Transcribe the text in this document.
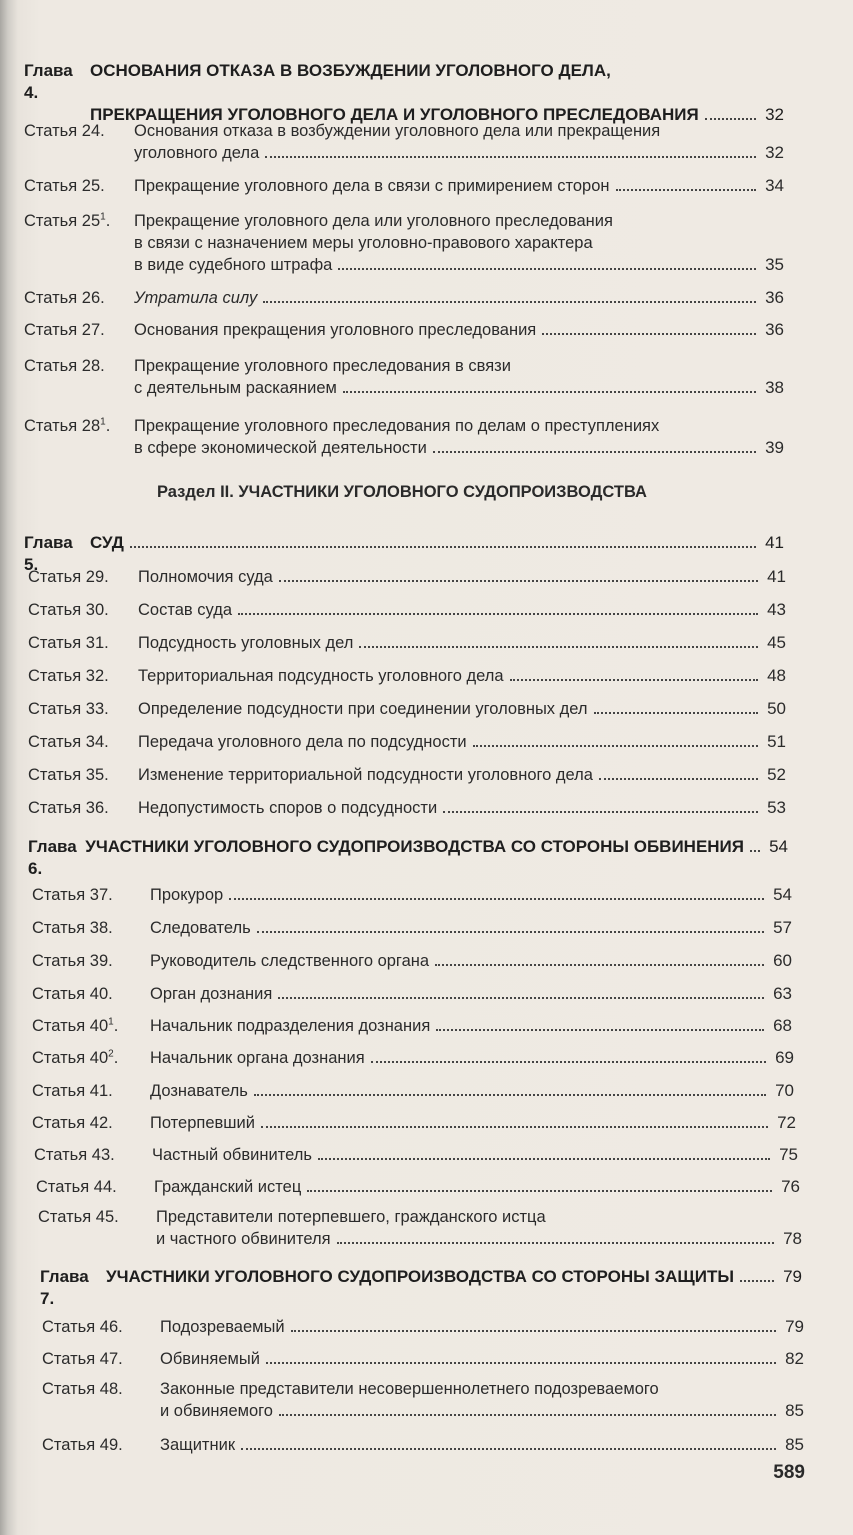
Глава 4.
ОСНОВАНИЯ ОТКАЗА В ВОЗБУЖДЕНИИ УГОЛОВНОГО ДЕЛА,
ПРЕКРАЩЕНИЯ УГОЛОВНОГО ДЕЛА И УГОЛОВНОГО ПРЕСЛЕДОВАНИЯ	32
Статья 24.	Основания отказа в возбуждении уголовного дела или прекращения
уголовного дела	32
Статья 25.	Прекращение уголовного дела в связи с примирением сторон	34
Статья $25^1$.	Прекращение уголовного дела или уголовного преследования
в связи с назначением меры уголовно-правового характера
в виде судебного штрафа	35
Статья 26.	Утратила силу	36
Статья 27.	Основания прекращения уголовного преследования	36
Статья 28.	Прекращение уголовного преследования в связи
с деятельным раскаянием	38
Статья $28^1$.	Прекращение уголовного преследования по делам о преступлениях
в сфере экономической деятельности	39
Раздел II. УЧАСТНИКИ УГОЛОВНОГО СУДОПРОИЗВОДСТВА
Глава 5.
СУД	41
Статья 29.	Полномочия суда	41
Статья 30.	Состав суда	43
Статья 31.	Подсудность уголовных дел	45
Статья 32.	Территориальная подсудность уголовного дела	48
Статья 33.	Определение подсудности при соединении уголовных дел	50
Статья 34.	Передача уголовного дела по подсудности	51
Статья 35.	Изменение территориальной подсудности уголовного дела	52
Статья 36.	Недопустимость споров о подсудности	53
Глава 6.
УЧАСТНИКИ УГОЛОВНОГО СУДОПРОИЗВОДСТВА СО СТОРОНЫ ОБВИНЕНИЯ 54
Статья 37.	Прокурор	54
Статья 38.	Следователь	57
Статья 39.	Руководитель следственного органа	60
Статья 40.	Орган дознания	63
Статья $40^1$.	Начальник подразделения дознания	68
Статья $40^2$.	Начальник органа дознания	69
Статья 41.	Дознаватель	70
Статья 42.	Потерпевший	72
Статья 43.	Частный обвинитель	75
Статья 44.	Гражданский истец	76
Статья 45.	Представители потерпевшего, гражданского истца
и частного обвинителя	78
Глава 7.
УЧАСТНИКИ УГОЛОВНОГО СУДОПРОИЗВОДСТВА СО СТОРОНЫ ЗАЩИТЫ	79
Статья 46.	Подозреваемый	79
Статья 47.	Обвиняемый	82
Статья 48.	Законные представители несовершеннолетнего подозреваемого
и обвиняемого	85
Статья 49.	Защитник	85
589
